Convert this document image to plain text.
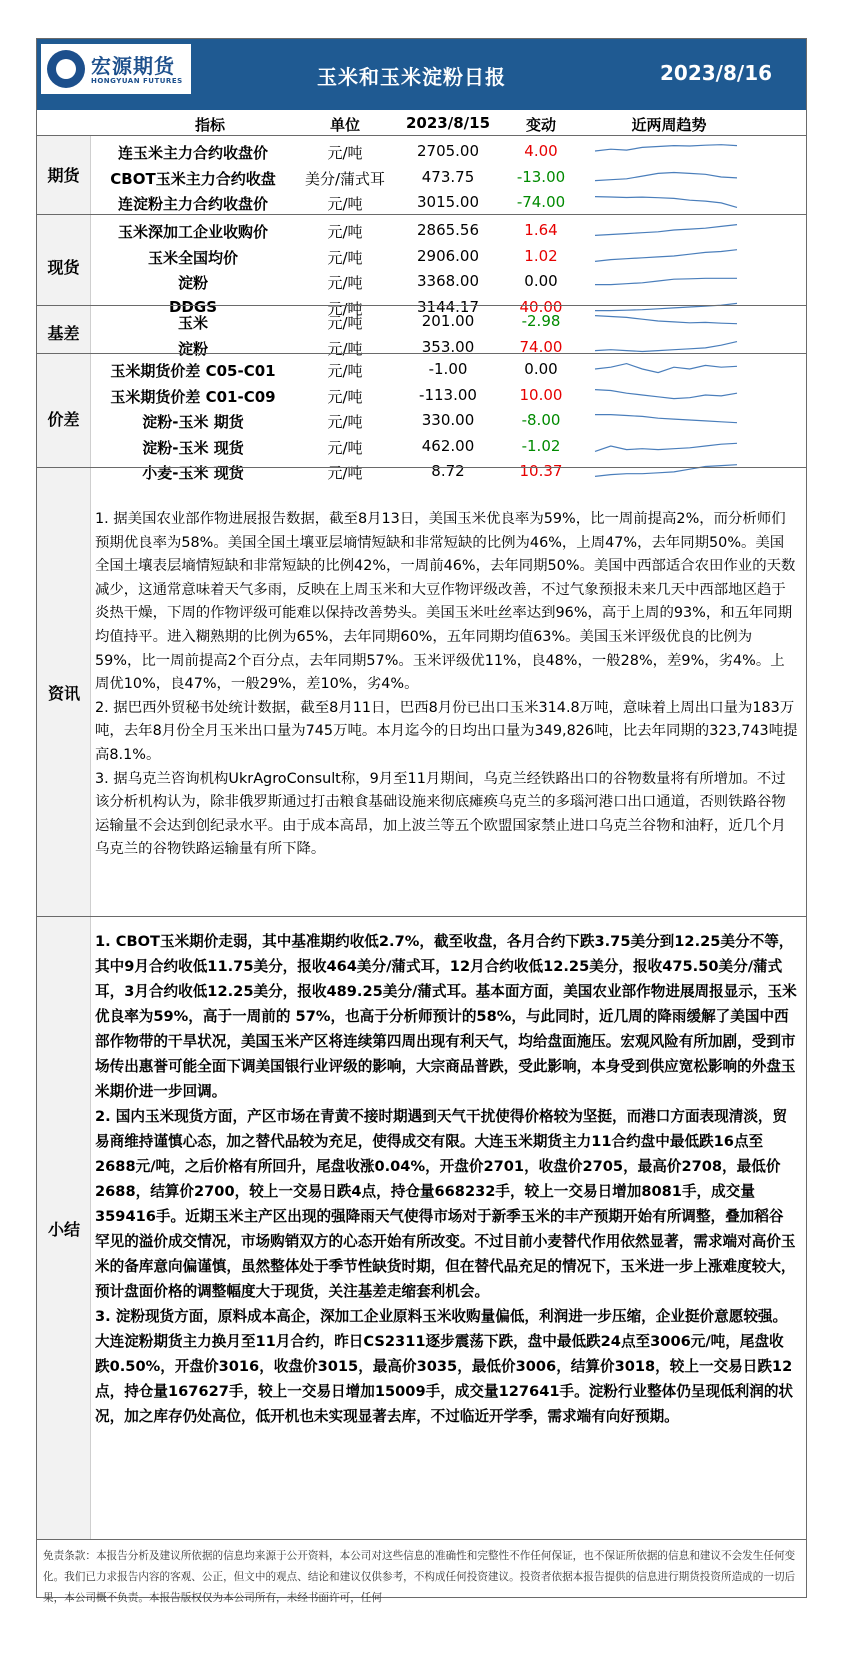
宏源期货
HONGYUAN FUTURES	玉米和玉米淀粉日报	2023/8/16
指标	单位	2023/8/15	变动	近两周趋势
期货
连玉米主力合约收盘价	元/吨	2705.00	4.00
CBOT玉米主力合约收盘	美分/蒲式耳	473.75	-13.00
连淀粉主力合约收盘价	元/吨	3015.00	-74.00
现货
玉米深加工企业收购价	元/吨	2865.56	1.64
玉米全国均价	元/吨	2906.00	1.02
淀粉	元/吨	3368.00	0.00
DDGS	元/吨	3144.17	40.00
基差
玉米	元/吨	201.00	-2.98
淀粉	元/吨	353.00	74.00
价差
玉米期货价差 C05-C01	元/吨	-1.00	0.00
玉米期货价差 C01-C09	元/吨	-113.00	10.00
淀粉-玉米 期货	元/吨	330.00	-8.00
淀粉-玉米 现货	元/吨	462.00	-1.02
小麦-玉米 现货	元/吨	8.72	10.37
资讯

1. 据美国农业部作物进展报告数据，截至8月13日，美国玉米优良率为59%，比一周前提高2%，而分析师们预期优良率为58%。美国全国土壤亚层墒情短缺和非常短缺的比例为46%，上周47%，去年同期50%。美国全国土壤表层墒情短缺和非常短缺的比例42%，一周前46%，去年同期50%。美国中西部适合农田作业的天数减少，这通常意味着天气多雨，反映在上周玉米和大豆作物评级改善，不过气象预报未来几天中西部地区趋于炎热干燥，下周的作物评级可能难以保持改善势头。美国玉米吐丝率达到96%，高于上周的93%，和五年同期均值持平。进入糊熟期的比例为65%，去年同期60%，五年同期均值63%。美国玉米评级优良的比例为59%，比一周前提高2个百分点，去年同期57%。玉米评级优11%，良48%，一般28%，差9%，劣4%。上周优10%，良47%，一般29%，差10%，劣4%。

2. 据巴西外贸秘书处统计数据，截至8月11日，巴西8月份已出口玉米314.8万吨，意味着上周出口量为183万吨，去年8月份全月玉米出口量为745万吨。本月迄今的日均出口量为349,826吨，比去年同期的323,743吨提高8.1%。

3. 据乌克兰咨询机构UkrAgroConsult称，9月至11月期间，乌克兰经铁路出口的谷物数量将有所增加。不过该分析机构认为，除非俄罗斯通过打击粮食基础设施来彻底瘫痪乌克兰的多瑙河港口出口通道，否则铁路谷物运输量不会达到创纪录水平。由于成本高昂，加上波兰等五个欧盟国家禁止进口乌克兰谷物和油籽，近几个月乌克兰的谷物铁路运输量有所下降。

小结

1. CBOT玉米期价走弱，其中基准期约收低2.7%，截至收盘，各月合约下跌3.75美分到12.25美分不等，其中9月合约收低11.75美分，报收464美分/蒲式耳，12月合约收低12.25美分，报收475.50美分/蒲式耳，3月合约收低12.25美分，报收489.25美分/蒲式耳。基本面方面，美国农业部作物进展周报显示，玉米优良率为59%，高于一周前的 57%，也高于分析师预计的58%，与此同时，近几周的降雨缓解了美国中西部作物带的干旱状况，美国玉米产区将连续第四周出现有利天气，均给盘面施压。宏观风险有所加剧，受到市场传出惠誉可能全面下调美国银行业评级的影响，大宗商品普跌，受此影响，本身受到供应宽松影响的外盘玉米期价进一步回调。

2. 国内玉米现货方面，产区市场在青黄不接时期遇到天气干扰使得价格较为坚挺，而港口方面表现清淡，贸易商维持谨慎心态，加之替代品较为充足，使得成交有限。大连玉米期货主力11合约盘中最低跌16点至2688元/吨，之后价格有所回升，尾盘收涨0.04%，开盘价2701，收盘价2705，最高价2708，最低价2688，结算价2700，较上一交易日跌4点，持仓量668232手，较上一交易日增加8081手，成交量359416手。近期玉米主产区出现的强降雨天气使得市场对于新季玉米的丰产预期开始有所调整，叠加稻谷罕见的溢价成交情况，市场购销双方的心态开始有所改变。不过目前小麦替代作用依然显著，需求端对高价玉米的备库意向偏谨慎，虽然整体处于季节性缺货时期，但在替代品充足的情况下，玉米进一步上涨难度较大，预计盘面价格的调整幅度大于现货，关注基差走缩套利机会。

3. 淀粉现货方面，原料成本高企，深加工企业原料玉米收购量偏低，利润进一步压缩，企业挺价意愿较强。大连淀粉期货主力换月至11月合约，昨日CS2311逐步震荡下跌，盘中最低跌24点至3006元/吨，尾盘收跌0.50%，开盘价3016，收盘价3015，最高价3035，最低价3006，结算价3018，较上一交易日跌12点，持仓量167627手，较上一交易日增加15009手，成交量127641手。淀粉行业整体仍呈现低利润的状况，加之库存仍处高位，低开机也未实现显著去库，不过临近开学季，需求端有向好预期。

免责条款：本报告分析及建议所依据的信息均来源于公开资料，本公司对这些信息的准确性和完整性不作任何保证，也不保证所依据的信息和建议不会发生任何变化。我们已力求报告内容的客观、公正，但文中的观点、结论和建议仅供参考，不构成任何投资建议。投资者依据本报告提供的信息进行期货投资所造成的一切后果，本公司概不负责。本报告版权仅为本公司所有，未经书面许可，任何
